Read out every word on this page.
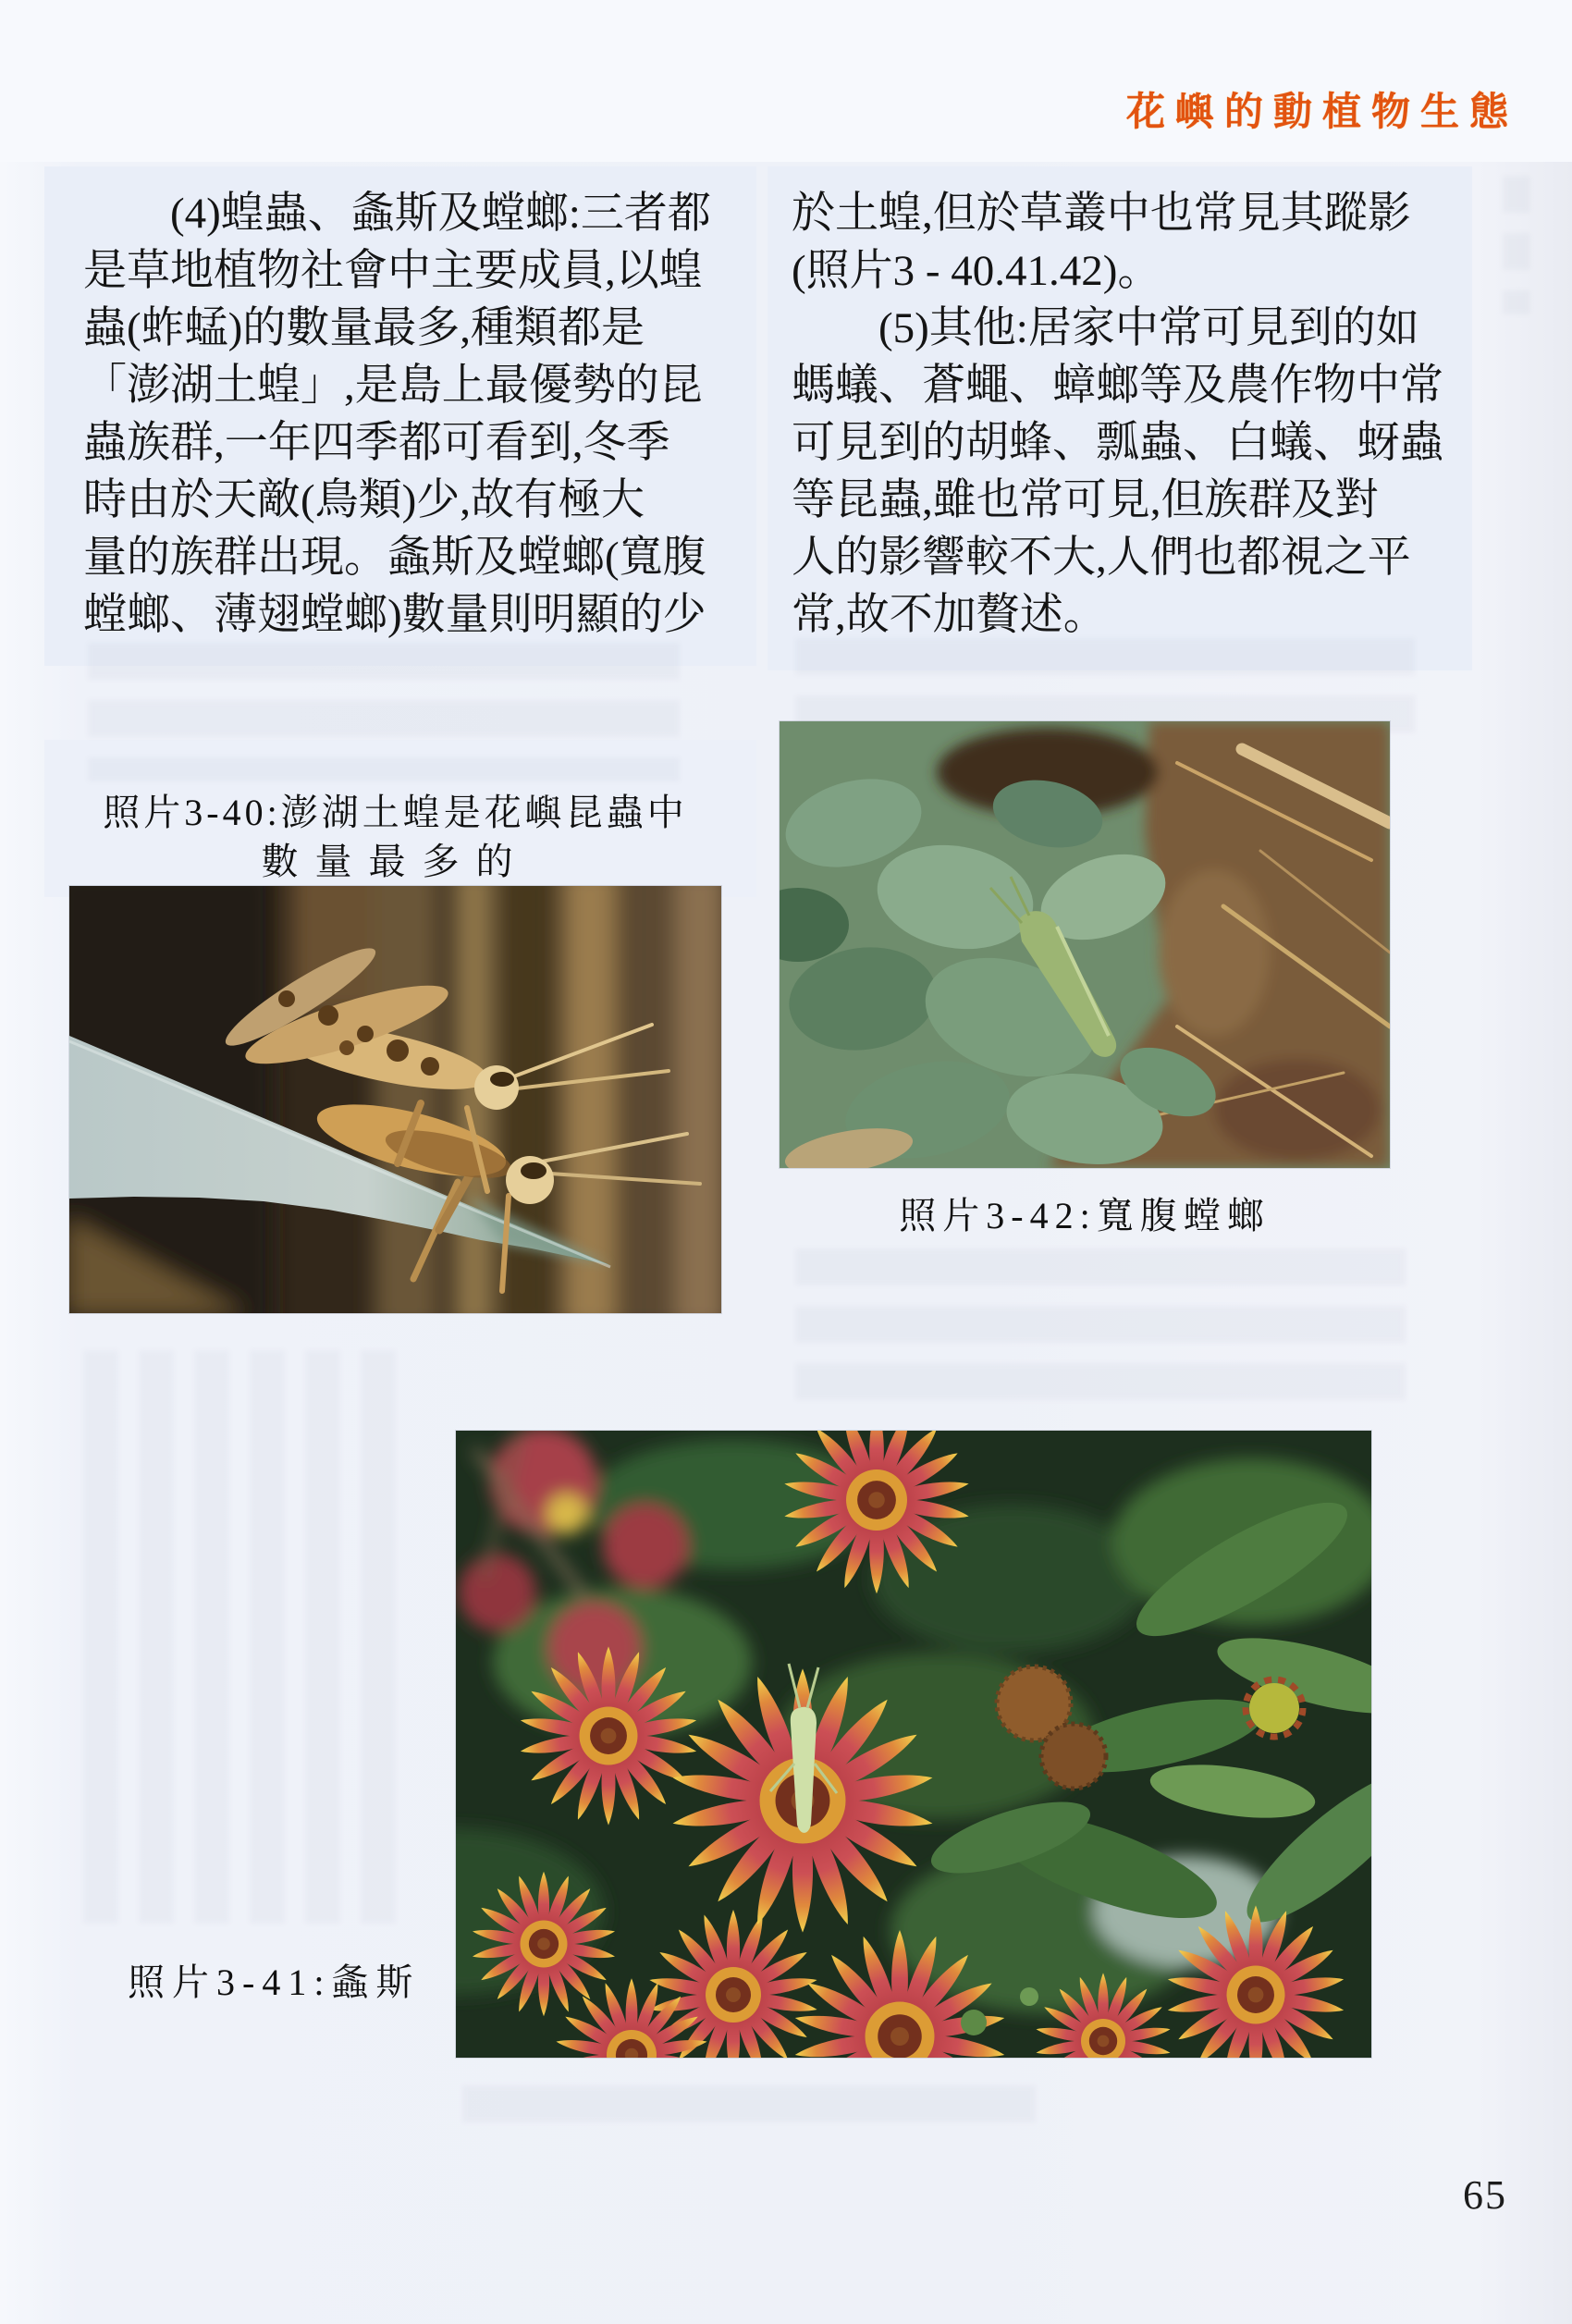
花嶼的動植物生態
　　(4)蝗蟲、螽斯及螳螂:三者都
是草地植物社會中主要成員,以蝗
蟲(蚱蜢)的數量最多,種類都是
「澎湖土蝗」,是島上最優勢的昆
蟲族群,一年四季都可看到,冬季
時由於天敵(鳥類)少,故有極大
量的族群出現。螽斯及螳螂(寬腹
螳螂、薄翅螳螂)數量則明顯的少
於土蝗,但於草叢中也常見其蹤影
(照片3 - 40.41.42)。
　　(5)其他:居家中常可見到的如
螞蟻、蒼蠅、蟑螂等及農作物中常
可見到的胡蜂、瓢蟲、白蟻、蚜蟲
等昆蟲,雖也常可見,但族群及對
人的影響較不大,人們也都視之平
常,故不加贅述。
照片3-40:澎湖土蝗是花嶼昆蟲中
數量最多的
照片3-42:寬腹螳螂
照片3-41:螽斯
65
